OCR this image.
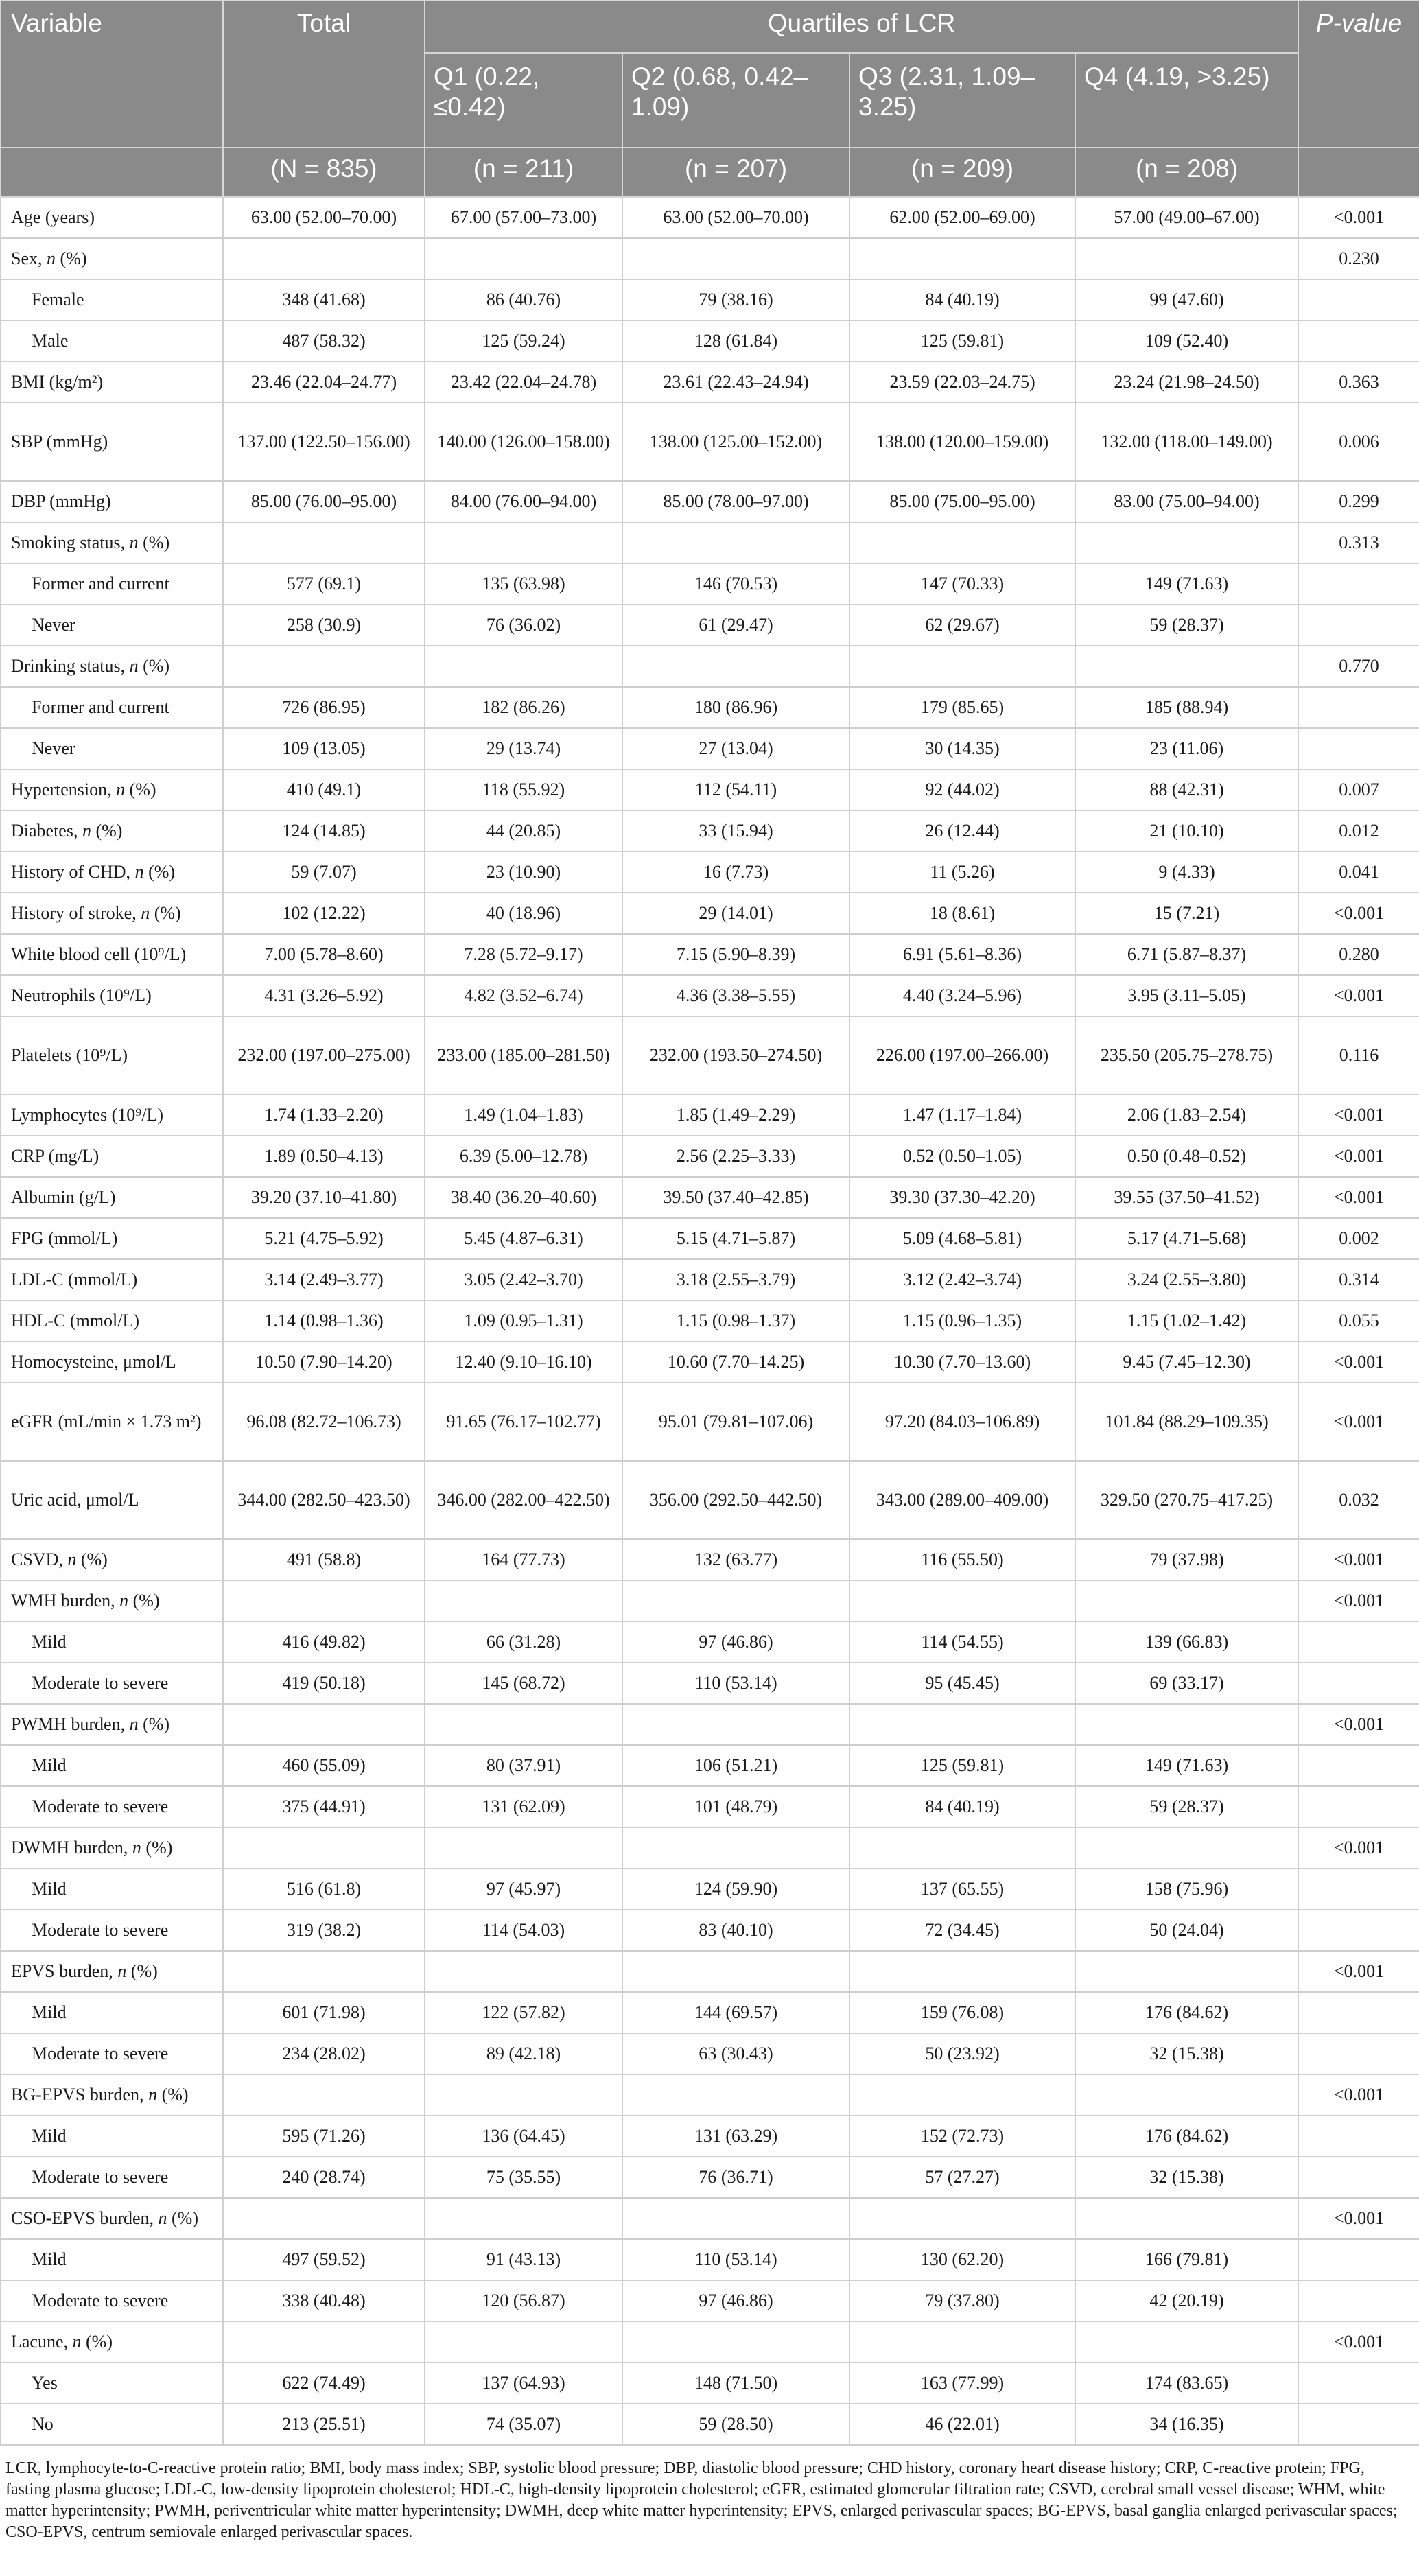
Variable	Total	Quartiles of LCR				P-value
		Q1 (0.22, ≤0.42)	Q2 (0.68, 0.42–1.09)	Q3 (2.31, 1.09–3.25)	Q4 (4.19, >3.25)	
	(N = 835)	(n = 211)	(n = 207)	(n = 209)	(n = 208)	
Age (years)	63.00 (52.00–70.00)	67.00 (57.00–73.00)	63.00 (52.00–70.00)	62.00 (52.00–69.00)	57.00 (49.00–67.00)	<0.001
Sex, n (%)						0.230
Female	348 (41.68)	86 (40.76)	79 (38.16)	84 (40.19)	99 (47.60)	
Male	487 (58.32)	125 (59.24)	128 (61.84)	125 (59.81)	109 (52.40)	
BMI (kg/m²)	23.46 (22.04–24.77)	23.42 (22.04–24.78)	23.61 (22.43–24.94)	23.59 (22.03–24.75)	23.24 (21.98–24.50)	0.363
SBP (mmHg)	137.00 (122.50–156.00)	140.00 (126.00–158.00)	138.00 (125.00–152.00)	138.00 (120.00–159.00)	132.00 (118.00–149.00)	0.006
DBP (mmHg)	85.00 (76.00–95.00)	84.00 (76.00–94.00)	85.00 (78.00–97.00)	85.00 (75.00–95.00)	83.00 (75.00–94.00)	0.299
Smoking status, n (%)						0.313
Former and current	577 (69.1)	135 (63.98)	146 (70.53)	147 (70.33)	149 (71.63)	
Never	258 (30.9)	76 (36.02)	61 (29.47)	62 (29.67)	59 (28.37)	
Drinking status, n (%)						0.770
Former and current	726 (86.95)	182 (86.26)	180 (86.96)	179 (85.65)	185 (88.94)	
Never	109 (13.05)	29 (13.74)	27 (13.04)	30 (14.35)	23 (11.06)	
Hypertension, n (%)	410 (49.1)	118 (55.92)	112 (54.11)	92 (44.02)	88 (42.31)	0.007
Diabetes, n (%)	124 (14.85)	44 (20.85)	33 (15.94)	26 (12.44)	21 (10.10)	0.012
History of CHD, n (%)	59 (7.07)	23 (10.90)	16 (7.73)	11 (5.26)	9 (4.33)	0.041
History of stroke, n (%)	102 (12.22)	40 (18.96)	29 (14.01)	18 (8.61)	15 (7.21)	<0.001
White blood cell (10⁹/L)	7.00 (5.78–8.60)	7.28 (5.72–9.17)	7.15 (5.90–8.39)	6.91 (5.61–8.36)	6.71 (5.87–8.37)	0.280
Neutrophils (10⁹/L)	4.31 (3.26–5.92)	4.82 (3.52–6.74)	4.36 (3.38–5.55)	4.40 (3.24–5.96)	3.95 (3.11–5.05)	<0.001
Platelets (10⁹/L)	232.00 (197.00–275.00)	233.00 (185.00–281.50)	232.00 (193.50–274.50)	226.00 (197.00–266.00)	235.50 (205.75–278.75)	0.116
Lymphocytes (10⁹/L)	1.74 (1.33–2.20)	1.49 (1.04–1.83)	1.85 (1.49–2.29)	1.47 (1.17–1.84)	2.06 (1.83–2.54)	<0.001
CRP (mg/L)	1.89 (0.50–4.13)	6.39 (5.00–12.78)	2.56 (2.25–3.33)	0.52 (0.50–1.05)	0.50 (0.48–0.52)	<0.001
Albumin (g/L)	39.20 (37.10–41.80)	38.40 (36.20–40.60)	39.50 (37.40–42.85)	39.30 (37.30–42.20)	39.55 (37.50–41.52)	<0.001
FPG (mmol/L)	5.21 (4.75–5.92)	5.45 (4.87–6.31)	5.15 (4.71–5.87)	5.09 (4.68–5.81)	5.17 (4.71–5.68)	0.002
LDL-C (mmol/L)	3.14 (2.49–3.77)	3.05 (2.42–3.70)	3.18 (2.55–3.79)	3.12 (2.42–3.74)	3.24 (2.55–3.80)	0.314
HDL-C (mmol/L)	1.14 (0.98–1.36)	1.09 (0.95–1.31)	1.15 (0.98–1.37)	1.15 (0.96–1.35)	1.15 (1.02–1.42)	0.055
Homocysteine, μmol/L	10.50 (7.90–14.20)	12.40 (9.10–16.10)	10.60 (7.70–14.25)	10.30 (7.70–13.60)	9.45 (7.45–12.30)	<0.001
eGFR (mL/min × 1.73 m²)	96.08 (82.72–106.73)	91.65 (76.17–102.77)	95.01 (79.81–107.06)	97.20 (84.03–106.89)	101.84 (88.29–109.35)	<0.001
Uric acid, μmol/L	344.00 (282.50–423.50)	346.00 (282.00–422.50)	356.00 (292.50–442.50)	343.00 (289.00–409.00)	329.50 (270.75–417.25)	0.032
CSVD, n (%)	491 (58.8)	164 (77.73)	132 (63.77)	116 (55.50)	79 (37.98)	<0.001
WMH burden, n (%)						<0.001
Mild	416 (49.82)	66 (31.28)	97 (46.86)	114 (54.55)	139 (66.83)	
Moderate to severe	419 (50.18)	145 (68.72)	110 (53.14)	95 (45.45)	69 (33.17)	
PWMH burden, n (%)						<0.001
Mild	460 (55.09)	80 (37.91)	106 (51.21)	125 (59.81)	149 (71.63)	
Moderate to severe	375 (44.91)	131 (62.09)	101 (48.79)	84 (40.19)	59 (28.37)	
DWMH burden, n (%)						<0.001
Mild	516 (61.8)	97 (45.97)	124 (59.90)	137 (65.55)	158 (75.96)	
Moderate to severe	319 (38.2)	114 (54.03)	83 (40.10)	72 (34.45)	50 (24.04)	
EPVS burden, n (%)						<0.001
Mild	601 (71.98)	122 (57.82)	144 (69.57)	159 (76.08)	176 (84.62)	
Moderate to severe	234 (28.02)	89 (42.18)	63 (30.43)	50 (23.92)	32 (15.38)	
BG-EPVS burden, n (%)						<0.001
Mild	595 (71.26)	136 (64.45)	131 (63.29)	152 (72.73)	176 (84.62)	
Moderate to severe	240 (28.74)	75 (35.55)	76 (36.71)	57 (27.27)	32 (15.38)	
CSO-EPVS burden, n (%)						<0.001
Mild	497 (59.52)	91 (43.13)	110 (53.14)	130 (62.20)	166 (79.81)	
Moderate to severe	338 (40.48)	120 (56.87)	97 (46.86)	79 (37.80)	42 (20.19)	
Lacune, n (%)						<0.001
Yes	622 (74.49)	137 (64.93)	148 (71.50)	163 (77.99)	174 (83.65)	
No	213 (25.51)	74 (35.07)	59 (28.50)	46 (22.01)	34 (16.35)	
LCR, lymphocyte-to-C-reactive protein ratio; BMI, body mass index; SBP, systolic blood pressure; DBP, diastolic blood pressure; CHD history, coronary heart disease history; CRP, C-reactive protein; FPG, fasting plasma glucose; LDL-C, low-density lipoprotein cholesterol; HDL-C, high-density lipoprotein cholesterol; eGFR, estimated glomerular filtration rate; CSVD, cerebral small vessel disease; WHM, white matter hyperintensity; PWMH, periventricular white matter hyperintensity; DWMH, deep white matter hyperintensity; EPVS, enlarged perivascular spaces; BG-EPVS, basal ganglia enlarged perivascular spaces; CSO-EPVS, centrum semiovale enlarged perivascular spaces.
